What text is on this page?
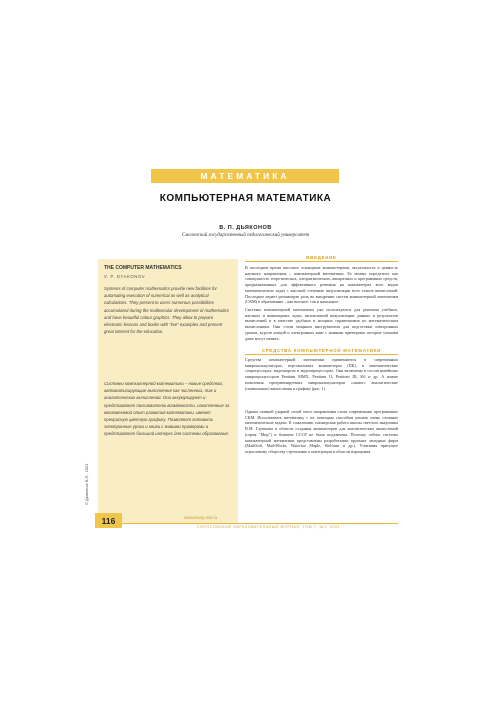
МАТЕМАТИКА
КОМПЬЮТЕРНАЯ МАТЕМАТИКА
В. П. ДЬЯКОНОВ
Смоленский государственный педагогический университет
THE COMPUTER MATHEMATICS
V. P. DYAKONOV

Systems of computer mathematics provide new facilities for automating execution of numerical as well as analytical calculations. They present to users numerous possibilities accumulated during the multisecular development of mathematics and have beautiful colour graphics. They allow to prepare electronic lessons and books with "live" examples and present great interest for the education.

Системы компьютерной математики – новые средства, автоматизирующие выполнение как численных, так и аналитических вычислений. Они аккумулируют и представляют пользователю возможности, накопленные за многовековой опыт развития математики, имеют прекрасную цветную графику. Позволяют готовить электронные уроки и книги с живыми примерами и представляют большой интерес для системы образования.

www.issep.rssi.ru
© Дьяконов В.П., 2001
ВВЕДЕНИЕ

В последние время массовое оснащение компьютерами, актуальность и ценность научного направления – компьютерной математики. Ее можно определить как совокупность теоретических, алгоритмических, аппаратных и программных средств, предназначенных для эффективного решения на компьютерах всех видов математических задач с высокой степенью визуализации всех этапов вычислений. Последнее играет решающую роль во внедрении систем компьютерной математики (СКМ) в образование – как высшее, так и начальное.

Системы компьютерной математики уже используются для решения учебных, научных и инженерных задач, интенсивной визуализации данных и результатов вычислений и в качестве удобных и мощных справочников по математическим вычислениям. Они стали мощным инструментом для подготовки электронных уроков, курсов лекций и электронных книг с живыми примерами, которые ученики даже могут менять.

СРЕДСТВА КОМПЬЮТЕРНОЙ МАТЕМАТИКИ

Средства компьютерной математики применяются в современных микрокалькуляторах, персональных компьютерах (ПК), в математических сопроцессорах, видеокартах и видеопроцессорах. Они включены в состав новейших микропроцессоров Pentium MMX, Pentium II, Pentium III, K6 и др. А новые поколения программируемых микрокалькуляторов «знают» аналитические (символьные) вычисления и графику (рис. 1).

Однако главной ударной силой этого направления стали современные программные СКМ. Использовать математику с их помощью способны решать очень сложные математические задачи. К сожалению, пионерская работа школы светлого академика В.М. Глушкова в области создания компьютеров для аналитических вычислений (серия "Мир") и бывшем СССР не была подхвачена. Поэтому сейчас системы компьютерной математики представлены разработками крупных западных фирм (MathSoft, MathWorks, Waterloo Maple, Wolfram и др.). Учитывая присущее отраслевому обществу стремление к интеграции и области взращения

116
СОРОСОВСКИЙ ОБРАЗОВАТЕЛЬНЫЙ ЖУРНАЛ, ТОМ 7, №1, 2001
